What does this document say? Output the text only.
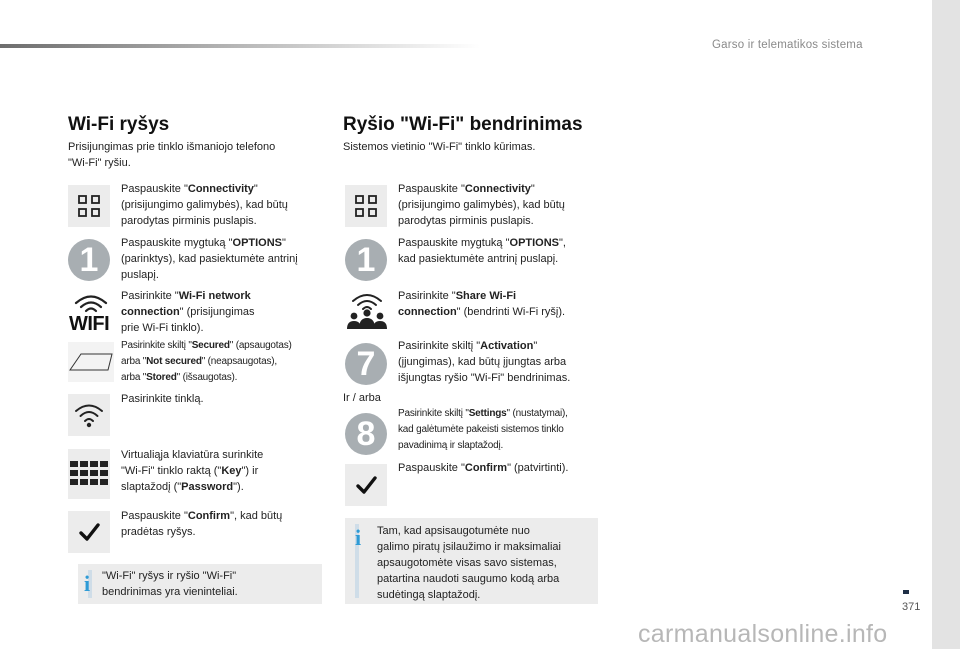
Garso ir telematikos sistema
371
carmanualsonline.info
Wi-Fi ryšys
Prisijungimas prie tinklo išmaniojo telefono
"Wi-Fi" ryšiu.
Paspauskite "Connectivity"
(prisijungimo galimybės), kad būtų
parodytas pirminis puslapis.
1	Paspauskite mygtuką "OPTIONS"
(parinktys), kad pasiektumėte antrinį
puslapį.
WIFI
Pasirinkite "Wi-Fi network
connection" (prisijungimas
prie Wi-Fi tinklo).
Pasirinkite skiltį "Secured" (apsaugotas)
arba "Not secured" (neapsaugotas),
arba "Stored" (išsaugotas).
Pasirinkite tinklą.
Virtualiąja klaviatūra surinkite
"Wi-Fi" tinklo raktą ("Key") ir
slaptažodį ("Password").
Paspauskite "Confirm", kad būtų
pradėtas ryšys.
i "Wi-Fi" ryšys ir ryšio "Wi-Fi"
bendrinimas yra vieninteliai.
Ryšio "Wi-Fi" bendrinimas
Sistemos vietinio "Wi-Fi" tinklo kūrimas.
Paspauskite "Connectivity"
(prisijungimo galimybės), kad būtų
parodytas pirminis puslapis.
1	Paspauskite mygtuką "OPTIONS",
kad pasiektumėte antrinį puslapį.
Pasirinkite "Share Wi-Fi
connection" (bendrinti Wi-Fi ryšį).
7	Pasirinkite skiltį "Activation"
(įjungimas), kad būtų įjungtas arba
išjungtas ryšio "Wi-Fi" bendrinimas.
Ir / arba
8
Pasirinkite skiltį "Settings" (nustatymai),
kad galėtumėte pakeisti sistemos tinklo
pavadinimą ir slaptažodį.
Paspauskite "Confirm" (patvirtinti).
i Tam, kad apsisaugotumėte nuo
galimo piratų įsilaužimo ir maksimaliai
apsaugotomėte visas savo sistemas,
patartina naudoti saugumo kodą arba
sudėtingą slaptažodį.
